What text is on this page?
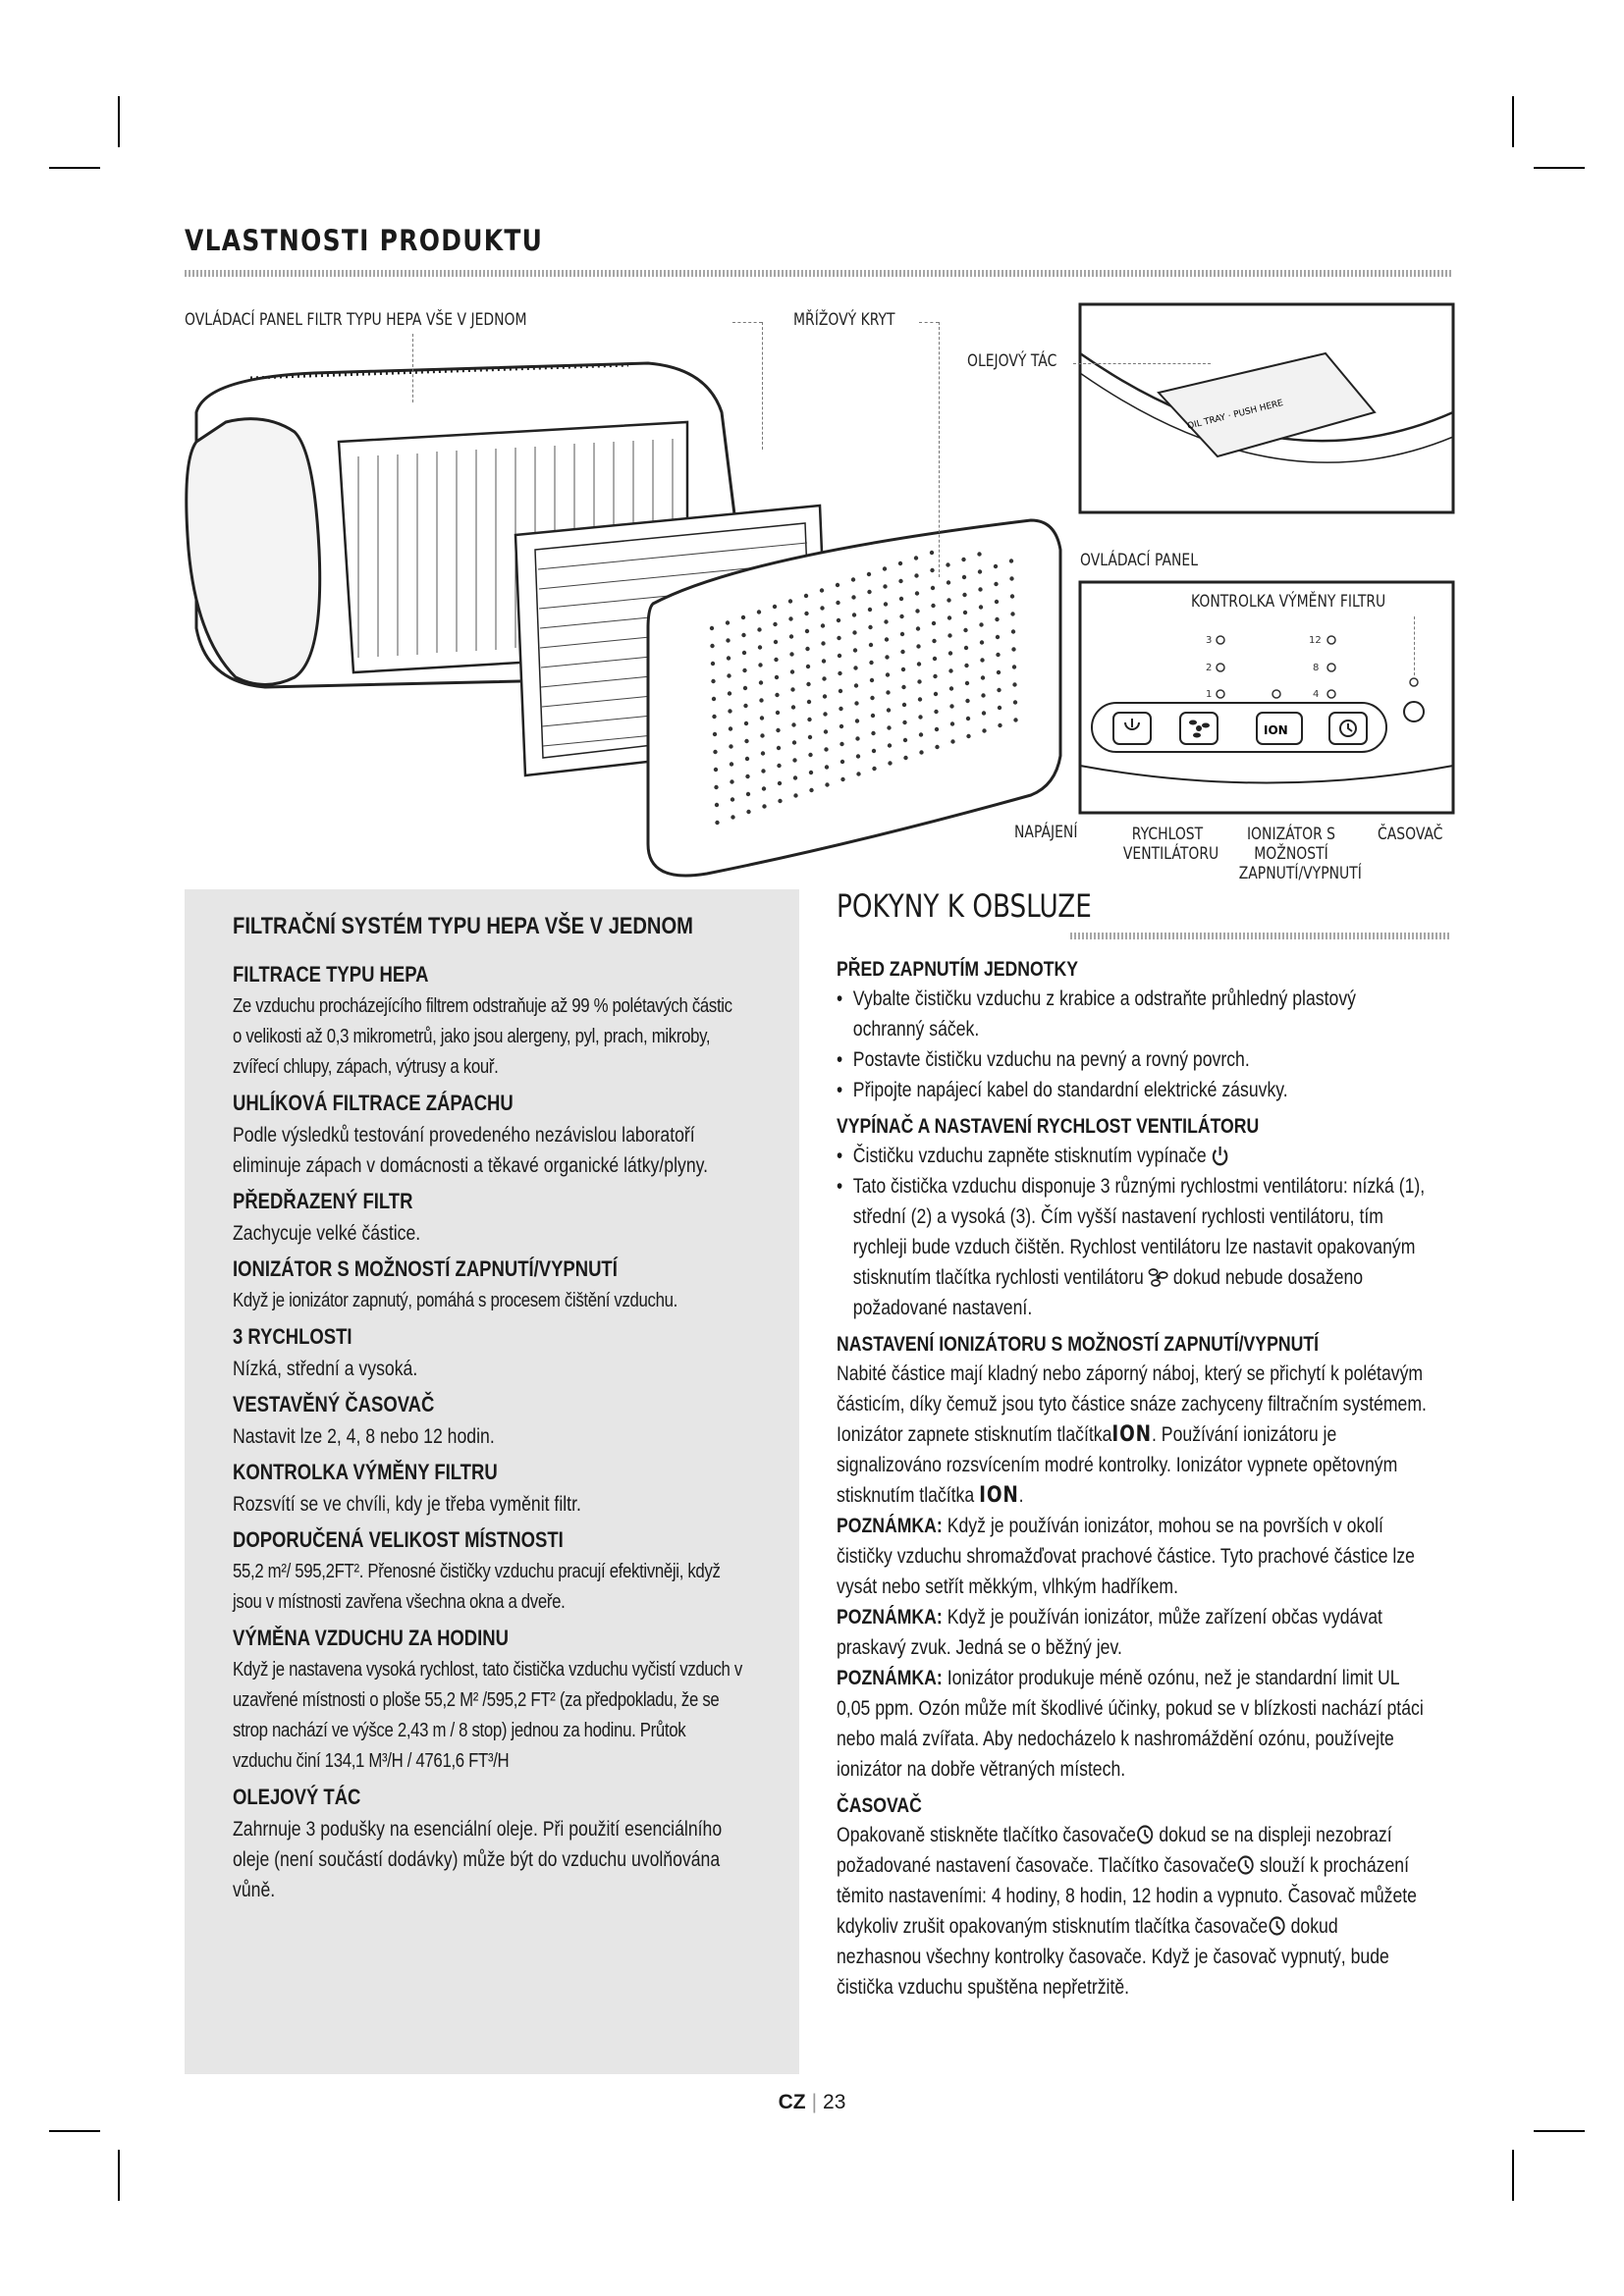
VLASTNOSTI PRODUKTU
OIL TRAY · PUSH HERE
3
2
1
12
8
4
ION
OVLÁDACÍ PANEL FILTR TYPU HEPA VŠE V JEDNOM	MŘÍŽOVÝ KRYT
OLEJOVÝ TÁC
OVLÁDACÍ PANEL
KONTROLKA VÝMĚNY FILTRU
NAPÁJENÍ	RYCHLOST
VENTILÁTORU
IONIZÁTOR S
MOŽNOSTÍ
ZAPNUTÍ/VYPNUTÍ
ČASOVAČ
FILTRAČNÍ SYSTÉM TYPU HEPA VŠE V JEDNOM
FILTRACE TYPU HEPA

Ze vzduchu procházejícího filtrem odstraňuje až 99 % polétavých částic o velikosti až 0,3 mikrometrů, jako jsou alergeny, pyl, prach, mikroby, zvířecí chlupy, zápach, výtrusy a kouř.

UHLÍKOVÁ FILTRACE ZÁPACHU

Podle výsledků testování provedeného nezávislou laboratoří eliminuje zápach v domácnosti a těkavé organické látky/plyny.

PŘEDŘAZENÝ FILTR

Zachycuje velké částice.

IONIZÁTOR S MOŽNOSTÍ ZAPNUTÍ/VYPNUTÍ

Když je ionizátor zapnutý, pomáhá s procesem čištění vzduchu.

3 RYCHLOSTI

Nízká, střední a vysoká.

VESTAVĚNÝ ČASOVAČ

Nastavit lze 2, 4, 8 nebo 12 hodin.

KONTROLKA VÝMĚNY FILTRU

Rozsvítí se ve chvíli, kdy je třeba vyměnit filtr.

DOPORUČENÁ VELIKOST MÍSTNOSTI

55,2 m²/ 595,2FT². Přenosné čističky vzduchu pracují efektivněji, když jsou v místnosti zavřena všechna okna a dveře.

VÝMĚNA VZDUCHU ZA HODINU

Když je nastavena vysoká rychlost, tato čistička vzduchu vyčistí vzduch v uzavřené místnosti o ploše 55,2 M² /595,2 FT² (za předpokladu, že se strop nachází ve výšce 2,43 m / 8 stop) jednou za hodinu. Průtok vzduchu činí 134,1 M³/H / 4761,6 FT³/H

OLEJOVÝ TÁC

Zahrnuje 3 podušky na esenciální oleje. Při použití esenciálního oleje (není součástí dodávky) může být do vzduchu uvolňována vůně.

POKYNY K OBSLUZE
PŘED ZAPNUTÍM JEDNOTKY
• Vybalte čističku vzduchu z krabice a odstraňte průhledný plastový ochranný sáček.
• Postavte čističku vzduchu na pevný a rovný povrch.
• Připojte napájecí kabel do standardní elektrické zásuvky.
VYPÍNAČ A NASTAVENÍ RYCHLOST VENTILÁTORU
• Čističku vzduchu zapněte stisknutím vypínače
• Tato čistička vzduchu disponuje 3 různými rychlostmi ventilátoru: nízká (1), střední (2) a vysoká (3). Čím vyšší nastavení rychlosti ventilátoru, tím rychleji bude vzduch čištěn. Rychlost ventilátoru lze nastavit opakovaným stisknutím tlačítka rychlosti ventilátoru dokud nebude dosaženo požadované nastavení.
NASTAVENÍ IONIZÁTORU S MOŽNOSTÍ ZAPNUTÍ/VYPNUTÍ

Nabité částice mají kladný nebo záporný náboj, který se přichytí k polétavým částicím, díky čemuž jsou tyto částice snáze zachyceny filtračním systémem. Ionizátor zapnete stisknutím tlačítkaION. Používání ionizátoru je signalizováno rozsvícením modré kontrolky. Ionizátor vypnete opětovným stisknutím tlačítka ION.

POZNÁMKA: Když je používán ionizátor, mohou se na površích v okolí čističky vzduchu shromažďovat prachové částice. Tyto prachové částice lze vysát nebo setřít měkkým, vlhkým hadříkem.

POZNÁMKA: Když je používán ionizátor, může zařízení občas vydávat praskavý zvuk. Jedná se o běžný jev.

POZNÁMKA: Ionizátor produkuje méně ozónu, než je standardní limit UL 0,05 ppm. Ozón může mít škodlivé účinky, pokud se v blízkosti nachází ptáci nebo malá zvířata. Aby nedocházelo k nashromáždění ozónu, používejte ionizátor na dobře větraných místech.

ČASOVAČ

Opakovaně stiskněte tlačítko časovače dokud se na displeji nezobrazí požadované nastavení časovače. Tlačítko časovače slouží k procházení těmito nastaveními: 4 hodiny, 8 hodin, 12 hodin a vypnuto. Časovač můžete kdykoliv zrušit opakovaným stisknutím tlačítka časovače dokud nezhasnou všechny kontrolky časovače. Když je časovač vypnutý, bude čistička vzduchu spuštěna nepřetržitě.

CZ | 23
